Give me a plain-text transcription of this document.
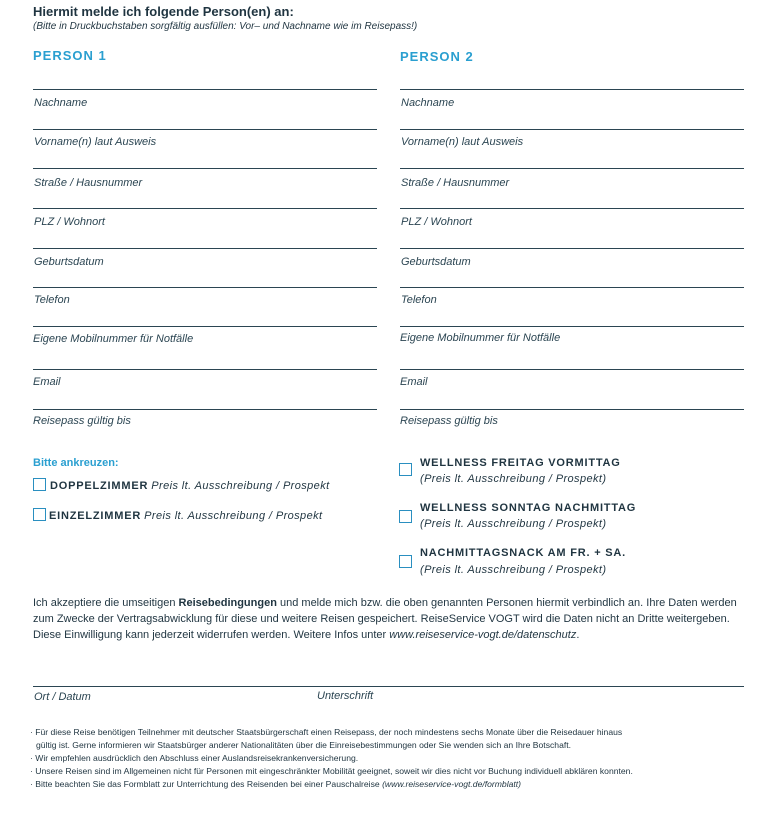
Hiermit melde ich folgende Person(en) an:
(Bitte in Druckbuchstaben sorgfältig ausfüllen: Vor– und Nachname wie im Reisepass!)
PERSON 1	PERSON 2
Nachname
Vorname(n) laut Ausweis
Straße / Hausnummer
PLZ / Wohnort
Geburtsdatum
Telefon
Eigene Mobilnummer für Notfälle
Email
Reisepass gültig bis
Nachname
Vorname(n) laut Ausweis
Straße / Hausnummer
PLZ / Wohnort
Geburtsdatum
Telefon
Eigene Mobilnummer für Notfälle
Email
Reisepass gültig bis
Bitte ankreuzen:
DOPPELZIMMER Preis lt. Ausschreibung / Prospekt
EINZELZIMMER Preis lt. Ausschreibung / Prospekt
WELLNESS FREITAG VORMITTAG
(Preis lt. Ausschreibung / Prospekt)
WELLNESS SONNTAG NACHMITTAG
(Preis lt. Ausschreibung / Prospekt)
NACHMITTAGSNACK AM FR. + SA.
(Preis lt. Ausschreibung / Prospekt)
Ich akzeptiere die umseitigen Reisebedingungen und melde mich bzw. die oben genannten Personen hiermit verbindlich an. Ihre Daten werden zum Zwecke der Vertragsabwicklung für diese und weitere Reisen gespeichert. ReiseService VOGT wird die Daten nicht an Dritte weitergeben. Diese Einwilligung kann jederzeit widerrufen werden. Weitere Infos unter www.reiseservice-vogt.de/datenschutz.
Ort / Datum	Unterschrift
· Für diese Reise benötigen Teilnehmer mit deutscher Staatsbürgerschaft einen Reisepass, der noch mindestens sechs Monate über die Reisedauer hinaus
gültig ist. Gerne informieren wir Staatsbürger anderer Nationalitäten über die Einreisebestimmungen oder Sie wenden sich an Ihre Botschaft.
· Wir empfehlen ausdrücklich den Abschluss einer Auslandsreisekrankenversicherung.
· Unsere Reisen sind im Allgemeinen nicht für Personen mit eingeschränkter Mobilität geeignet, soweit wir dies nicht vor Buchung individuell abklären konnten.
· Bitte beachten Sie das Formblatt zur Unterrichtung des Reisenden bei einer Pauschalreise (www.reiseservice-vogt.de/formblatt)
